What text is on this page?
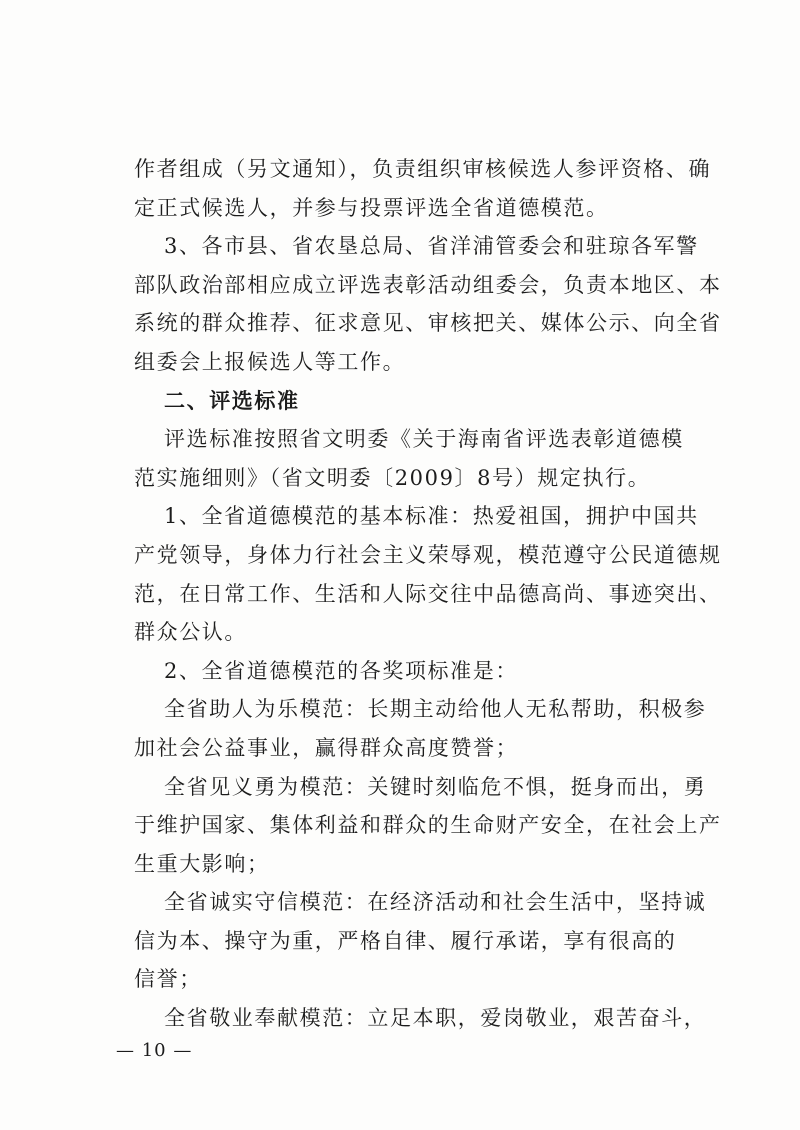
作者组成（另文通知），负责组织审核候选人参评资格、确
定正式候选人，并参与投票评选全省道德模范。
3、各市县、省农垦总局、省洋浦管委会和驻琼各军警
部队政治部相应成立评选表彰活动组委会，负责本地区、本
系统的群众推荐、征求意见、审核把关、媒体公示、向全省
组委会上报候选人等工作。
二、评选标准
评选标准按照省文明委《关于海南省评选表彰道德模
范实施细则》（省文明委〔2009〕8号）规定执行。
1、全省道德模范的基本标准：热爱祖国，拥护中国共
产党领导，身体力行社会主义荣辱观，模范遵守公民道德规
范，在日常工作、生活和人际交往中品德高尚、事迹突出、
群众公认。
2、全省道德模范的各奖项标准是：
全省助人为乐模范：长期主动给他人无私帮助，积极参
加社会公益事业，赢得群众高度赞誉；
全省见义勇为模范：关键时刻临危不惧，挺身而出，勇
于维护国家、集体利益和群众的生命财产安全，在社会上产
生重大影响；
全省诚实守信模范：在经济活动和社会生活中，坚持诚
信为本、操守为重，严格自律、履行承诺，享有很高的
信誉；
全省敬业奉献模范：立足本职，爱岗敬业，艰苦奋斗，
— 10 —
